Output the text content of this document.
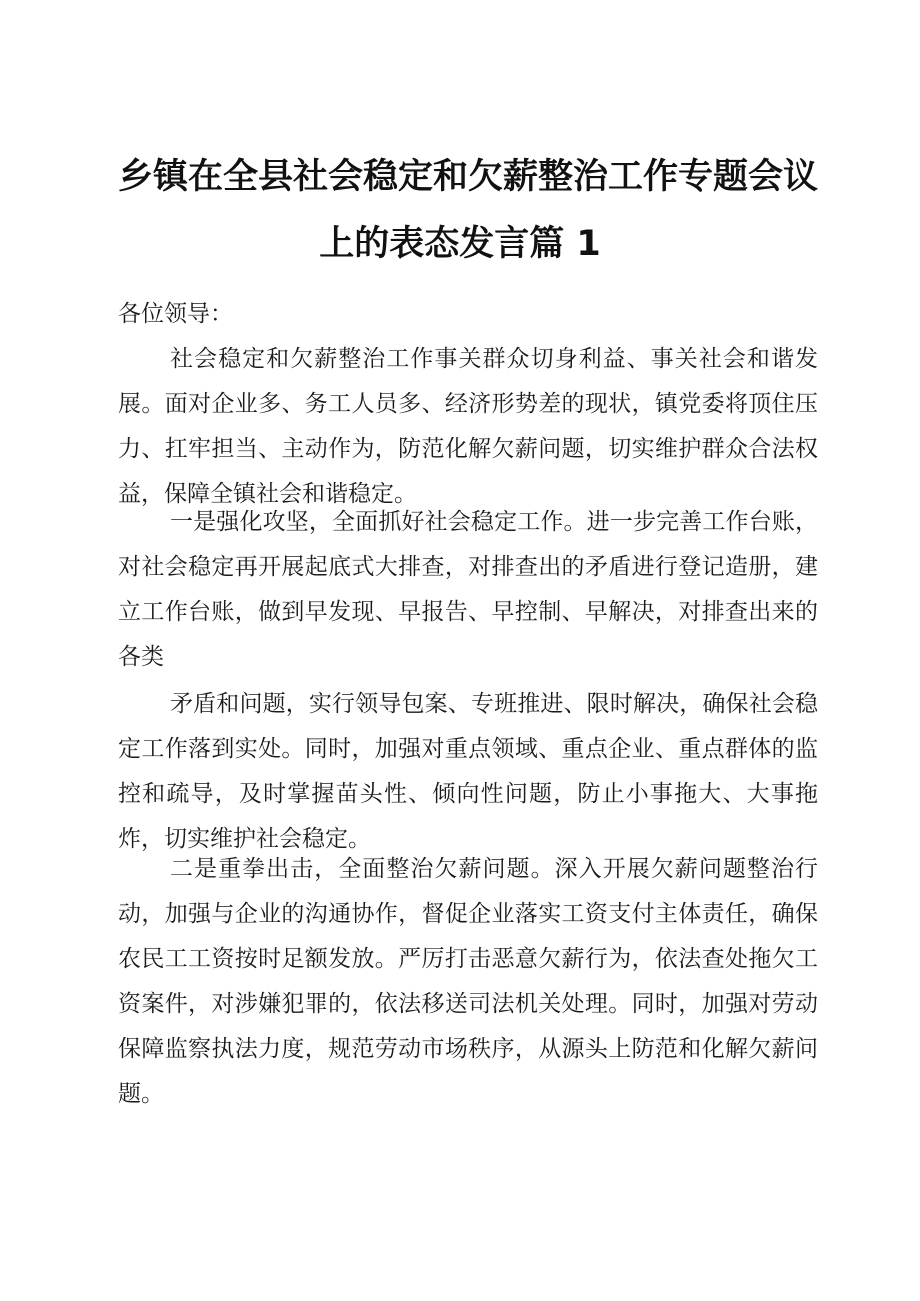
乡镇在全县社会稳定和欠薪整治工作专题会议
上的表态发言篇 1
各位领导：
社会稳定和欠薪整治工作事关群众切身利益、事关社会和谐发展。面对企业多、务工人员多、经济形势差的现状，镇党委将顶住压力、扛牢担当、主动作为，防范化解欠薪问题，切实维护群众合法权益，保障全镇社会和谐稳定。
一是强化攻坚，全面抓好社会稳定工作。进一步完善工作台账，对社会稳定再开展起底式大排查，对排查出的矛盾进行登记造册，建立工作台账，做到早发现、早报告、早控制、早解决，对排查出来的各类
矛盾和问题，实行领导包案、专班推进、限时解决，确保社会稳定工作落到实处。同时，加强对重点领域、重点企业、重点群体的监控和疏导，及时掌握苗头性、倾向性问题，防止小事拖大、大事拖炸，切实维护社会稳定。
二是重拳出击，全面整治欠薪问题。深入开展欠薪问题整治行动，加强与企业的沟通协作，督促企业落实工资支付主体责任，确保农民工工资按时足额发放。严厉打击恶意欠薪行为，依法查处拖欠工资案件，对涉嫌犯罪的，依法移送司法机关处理。同时，加强对劳动保障监察执法力度，规范劳动市场秩序，从源头上防范和化解欠薪问题。
